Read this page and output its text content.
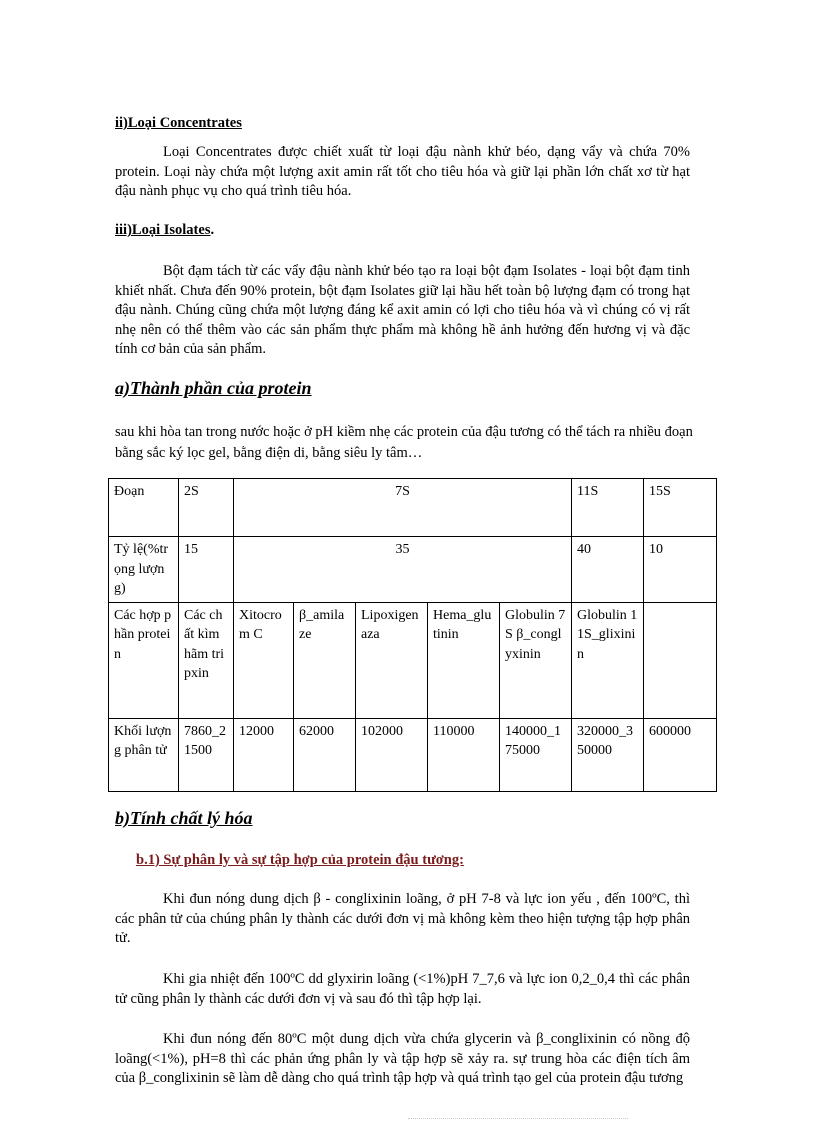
ii)Loại Concentrates

Loại Concentrates được chiết xuất từ loại đậu nành khử béo, dạng vẩy và chứa 70% protein. Loại này chứa một lượng axit amin rất tốt cho tiêu hóa và giữ lại phần lớn chất xơ từ hạt đậu nành phục vụ cho quá trình tiêu hóa.

iii)Loại Isolates.

Bột đạm tách từ các vẩy đậu nành khử béo tạo ra loại bột đạm Isolates - loại bột đạm tinh khiết nhất. Chưa đến 90% protein, bột đạm Isolates giữ lại hầu hết toàn bộ lượng đạm có trong hạt đậu nành. Chúng cũng chứa một lượng đáng kể axit amin có lợi cho tiêu hóa và vì chúng có vị rất nhẹ nên có thể thêm vào các sản phẩm thực phẩm mà không hề ảnh hưởng đến hương vị và đặc tính cơ bản của sản phẩm.

a)Thành phần của protein
sau khi hòa tan trong nước hoặc ở pH kiềm nhẹ các protein của đậu tương có thể tách ra nhiều đoạn bằng sắc ký lọc gel, bằng điện di, bằng siêu ly tâm…
Đoạn	2S	7S					11S	15S
Tỷ lệ(%trọng lượng)	15	35					40	10
Các hợp phần protein	Các chất kìm hãm tripxin	Xitocrom C	β_amilaze	Lipoxigenaza	Hema_glutinin	Globulin 7S β_conglyxinin	Globulin 11S_glixinin	
Khối lượng phân tử	7860_21500	12000	62000	102000	110000	140000_175000	320000_350000	600000
b)Tính chất lý hóa
b.1) Sự phân ly và sự tập hợp của protein đậu tương:

Khi đun nóng dung dịch β - conglixinin loãng, ở pH 7-8 và lực ion yếu , đến 100ºC, thì các phân tử của chúng phân ly thành các dưới đơn vị mà không kèm theo hiện tượng tập hợp phân tử.

Khi gia nhiệt đến 100ºC dd glyxirin loãng (<1%)pH 7_7,6 và lực ion 0,2_0,4 thì các phân tử cũng phân ly thành các dưới đơn vị và sau đó thì tập hợp lại.

Khi đun nóng đến 80ºC một dung dịch vừa chứa glycerin và β_conglixinin có nồng độ loãng(<1%), pH=8 thì các phản ứng phân ly và tập hợp sẽ xảy ra. sự trung hòa các điện tích âm của β_conglixinin sẽ làm dễ dàng cho quá trình tập hợp và quá trình tạo gel của protein đậu tương
